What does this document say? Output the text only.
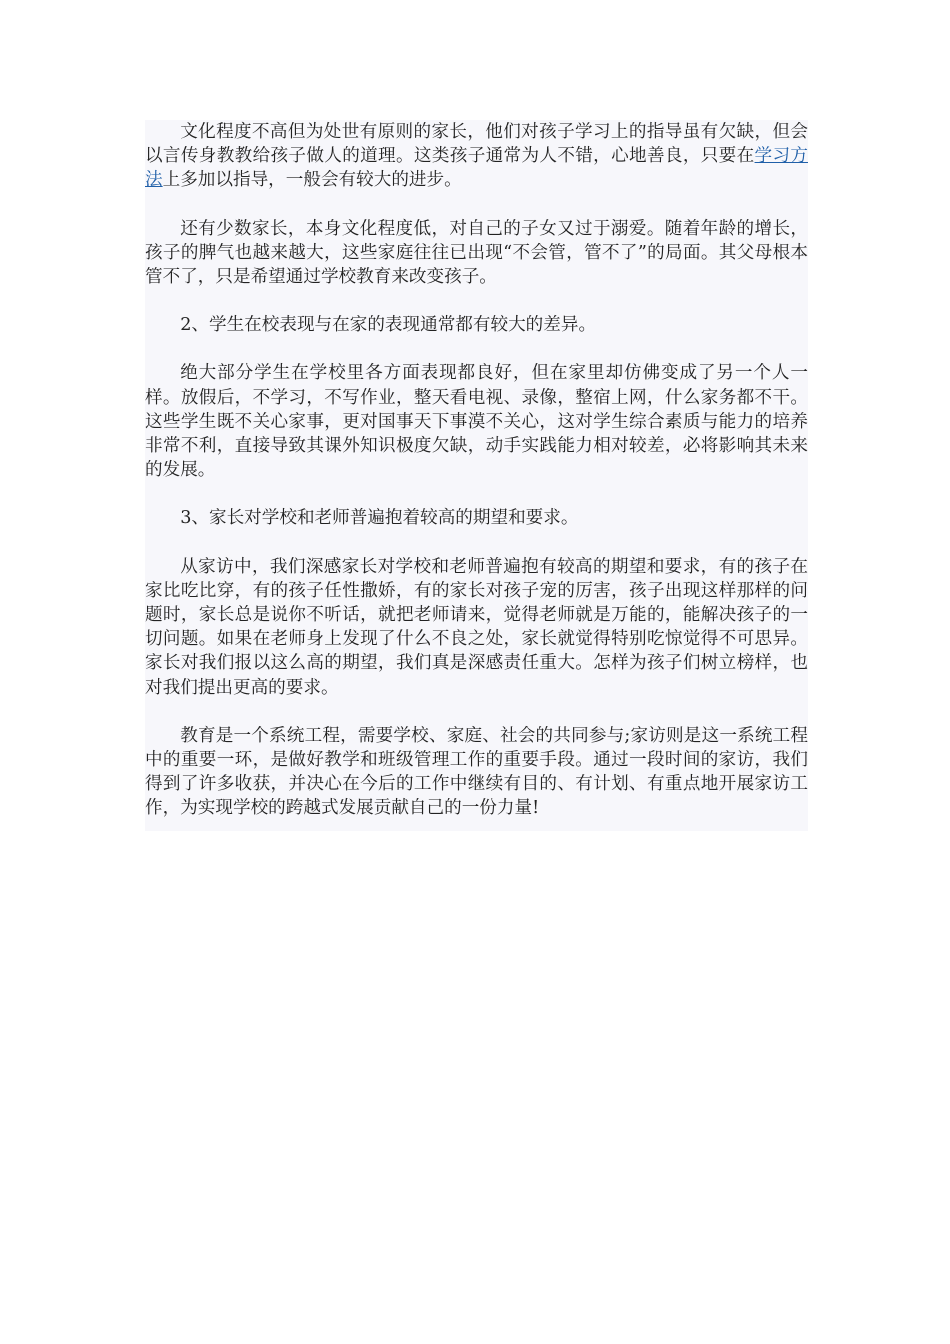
文化程度不高但为处世有原则的家长，他们对孩子学习上的指导虽有欠缺，但会以言传身教教给孩子做人的道理。这类孩子通常为人不错，心地善良，只要在学习方法上多加以指导，一般会有较大的进步。

还有少数家长，本身文化程度低，对自己的子女又过于溺爱。随着年龄的增长，孩子的脾气也越来越大，这些家庭往往已出现“不会管，管不了”的局面。其父母根本管不了，只是希望通过学校教育来改变孩子。

2、学生在校表现与在家的表现通常都有较大的差异。

绝大部分学生在学校里各方面表现都良好，但在家里却仿佛变成了另一个人一样。放假后，不学习，不写作业，整天看电视、录像，整宿上网，什么家务都不干。这些学生既不关心家事，更对国事天下事漠不关心，这对学生综合素质与能力的培养非常不利，直接导致其课外知识极度欠缺，动手实践能力相对较差，必将影响其未来的发展。

3、家长对学校和老师普遍抱着较高的期望和要求。

从家访中，我们深感家长对学校和老师普遍抱有较高的期望和要求，有的孩子在家比吃比穿，有的孩子任性撒娇，有的家长对孩子宠的厉害，孩子出现这样那样的问题时，家长总是说你不听话，就把老师请来，觉得老师就是万能的，能解决孩子的一切问题。如果在老师身上发现了什么不良之处，家长就觉得特别吃惊觉得不可思异。家长对我们报以这么高的期望，我们真是深感责任重大。怎样为孩子们树立榜样，也对我们提出更高的要求。

教育是一个系统工程，需要学校、家庭、社会的共同参与;家访则是这一系统工程中的重要一环，是做好教学和班级管理工作的重要手段。通过一段时间的家访，我们得到了许多收获，并决心在今后的工作中继续有目的、有计划、有重点地开展家访工作，为实现学校的跨越式发展贡献自己的一份力量!
